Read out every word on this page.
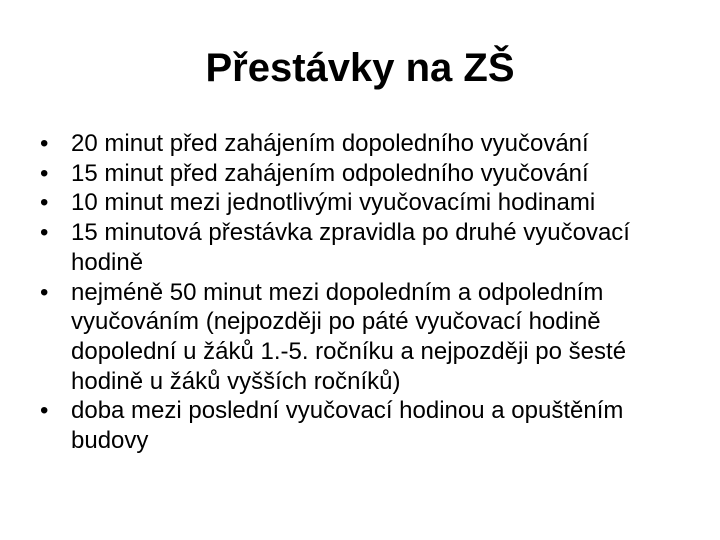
Přestávky na ZŠ
• 20 minut před zahájením dopoledního vyučování
• 15 minut před zahájením odpoledního vyučování
• 10 minut mezi jednotlivými vyučovacími hodinami
• 15 minutová přestávka zpravidla po druhé vyučovací hodině
• nejméně 50 minut mezi dopoledním a odpoledním vyučováním (nejpozději po páté vyučovací hodině dopolední u žáků 1.-5. ročníku a nejpozději po šesté hodině u žáků vyšších ročníků)
• doba mezi poslední vyučovací hodinou a opuštěním budovy
